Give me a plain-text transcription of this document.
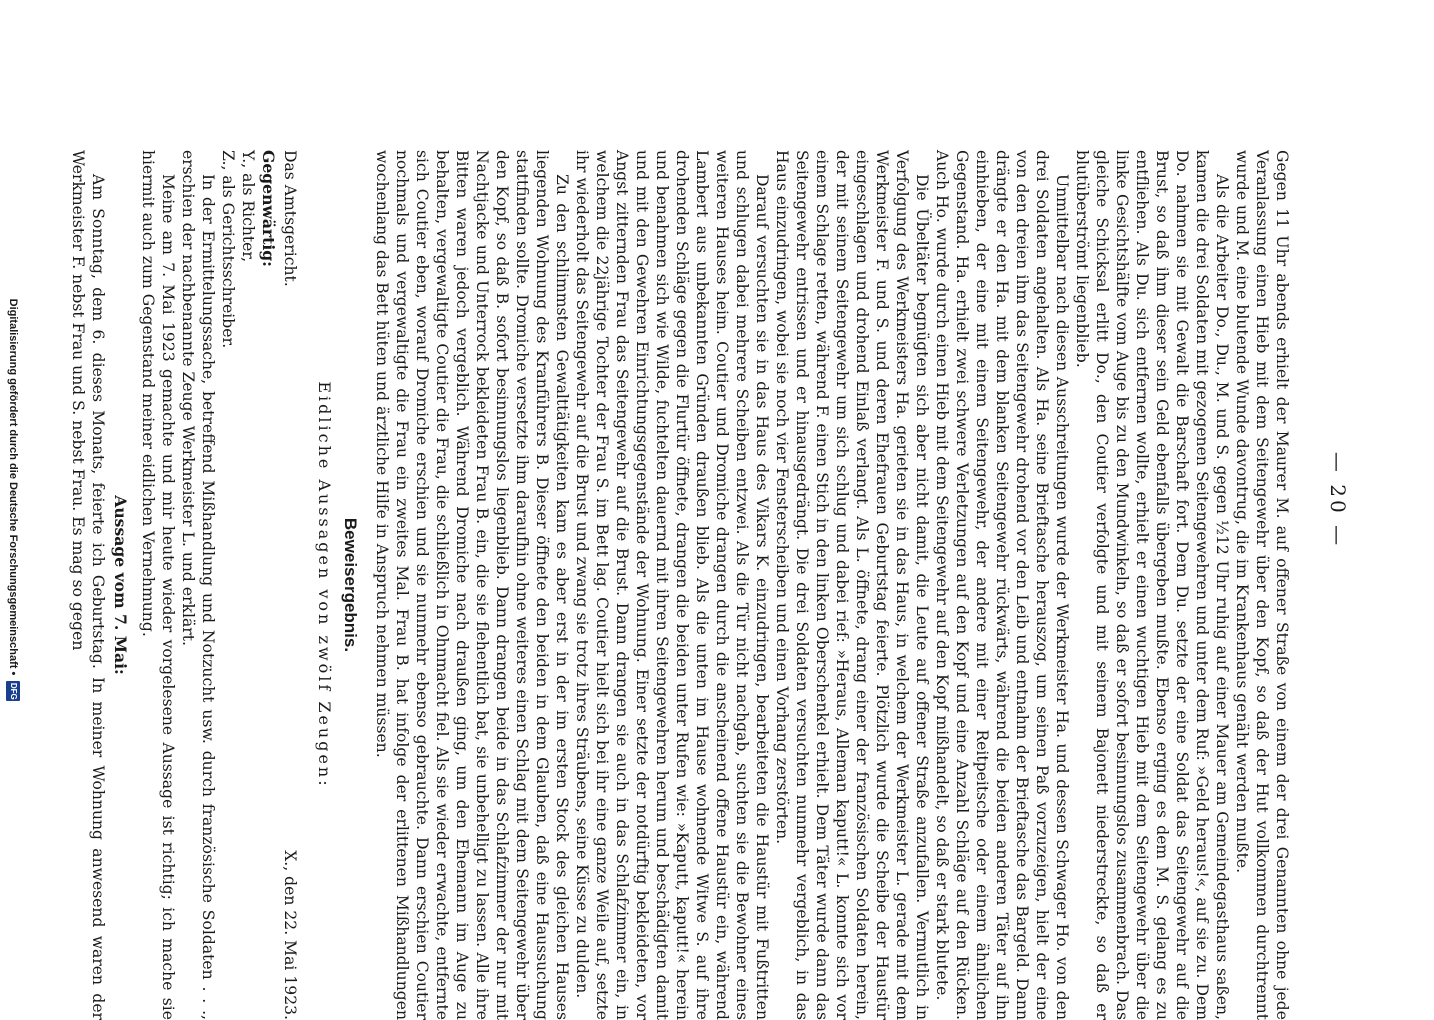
— 20 —

Gegen 11 Uhr abends erhielt der Maurer M. auf offener Straße von einem der drei Genannten ohne jede Veranlassung einen Hieb mit dem Seitengewehr über den Kopf, so daß der Hut vollkommen durchtrennt wurde und M. eine blutende Wunde davontrug, die im Krankenhaus genäht werden mußte.

Als die Arbeiter Do., Du., M. und S. gegen ½12 Uhr ruhig auf einer Mauer am Gemeindegasthaus saßen, kamen die drei Soldaten mit gezogenen Seitengewehren und unter dem Ruf: »Geld heraus!«, auf sie zu. Dem Do. nahmen sie mit Gewalt die Barschaft fort. Dem Du. setzte der eine Soldat das Seitengewehr auf die Brust, so daß ihm dieser sein Geld ebenfalls übergeben mußte. Ebenso erging es dem M. S. gelang es zu entfliehen. Als Du. sich entfernen wollte, erhielt er einen wuchtigen Hieb mit dem Seitengewehr über die linke Gesichtshälfte vom Auge bis zu den Mundwinkeln, so daß er sofort besinnungslos zusammenbrach. Das gleiche Schicksal erlitt Do., den Coutier verfolgte und mit seinem Bajonett niederstreckte, so daß er blutüberströmt liegenblieb.

Unmittelbar nach diesen Ausschreitungen wurde der Werkmeister Ha. und dessen Schwager Ho. von den drei Soldaten angehalten. Als Ha. seine Brieftasche herauszog, um seinen Paß vorzuzeigen, hielt der eine von den dreien ihm das Seitengewehr drohend vor den Leib und entnahm der Brieftasche das Bargeld. Dann drängte er den Ha. mit dem blanken Seitengewehr rückwärts, während die beiden anderen Täter auf ihn einhieben, der eine mit einem Seitengewehr, der andere mit einer Reitpeitsche oder einem ähnlichen Gegenstand. Ha. erhielt zwei schwere Verletzungen auf den Kopf und eine Anzahl Schläge auf den Rücken. Auch Ho. wurde durch einen Hieb mit dem Seitengewehr auf den Kopf mißhandelt, so daß er stark blutete.

Die Übeltäter begnügten sich aber nicht damit, die Leute auf offener Straße anzufallen. Vermutlich in Verfolgung des Werkmeisters Ha. gerieten sie in das Haus, in welchem der Werkmeister L. gerade mit dem Werkmeister F. und S. und deren Ehefrauen Geburtstag feierte. Plötzlich wurde die Scheibe der Haustür eingeschlagen und drohend Einlaß verlangt. Als L. öffnete, drang einer der französischen Soldaten herein, der mit seinem Seitengewehr um sich schlug und dabei rief: »Heraus, Alleman kaputt!« L. konnte sich vor einem Schlage retten, während F. einen Stich in den linken Oberschenkel erhielt. Dem Täter wurde dann das Seitengewehr entrissen und er hinausgedrängt. Die drei Soldaten versuchten nunmehr vergeblich, in das Haus einzudringen, wobei sie noch vier Fensterscheiben und einen Vorhang zerstörten.

Darauf versuchten sie in das Haus des Vikars K. einzudringen, bearbeiteten die Haustür mit Fußtritten und schlugen dabei mehrere Scheiben entzwei. Als die Tür nicht nachgab, suchten sie die Bewohner eines weiteren Hauses heim. Coutier und Dromiche drangen durch die anscheinend offene Haustür ein, während Lambert aus unbekannten Gründen draußen blieb. Als die unten im Hause wohnende Witwe S. auf ihre drohenden Schläge gegen die Flurtür öffnete, drangen die beiden unter Rufen wie: »Kaputt, kaputt!« herein und benahmen sich wie Wilde, fuchtelten dauernd mit ihren Seitengewehren herum und beschädigten damit und mit den Gewehren Einrichtungsgegenstände der Wohnung. Einer setzte der notdürftig bekleideten, vor Angst zitternden Frau das Seitengewehr auf die Brust. Dann drangen sie auch in das Schlafzimmer ein, in welchem die 22jährige Tochter der Frau S. im Bett lag. Coutier hielt sich bei ihr eine ganze Weile auf, setzte ihr wiederholt das Seitengewehr auf die Brust und zwang sie trotz ihres Sträubens, seine Küsse zu dulden.

Zu den schlimmsten Gewalttätigkeiten kam es aber erst in der im ersten Stock des gleichen Hauses liegenden Wohnung des Kranführers B. Dieser öffnete den beiden in dem Glauben, daß eine Haussuchung stattfinden sollte. Dromiche versetzte ihm daraufhin ohne weiteres einen Schlag mit dem Seitengewehr über den Kopf, so daß B. sofort besinnungslos liegenblieb. Dann drangen beide in das Schlafzimmer der nur mit Nachtjacke und Unterrock bekleideten Frau B. ein, die sie flehentlich bat, sie unbehelligt zu lassen. Alle ihre Bitten waren jedoch vergeblich. Während Dromiche nach draußen ging, um den Ehemann im Auge zu behalten, vergewaltigte Coutier die Frau, die schließlich in Ohnmacht fiel. Als sie wieder erwachte, entfernte sich Coutier eben, worauf Dromiche erschien und sie nunmehr ebenso gebrauchte. Dann erschien Coutier nochmals und vergewaltigte die Frau ein zweites Mal. Frau B. hat infolge der erlittenen Mißhandlungen wochenlang das Bett hüten und ärztliche Hilfe in Anspruch nehmen müssen.

Beweisergebnis.
Eidliche Aussagen von zwölf Zeugen:
Das Amtsgericht.
X., den 22. Mai 1923.
Gegenwärtig:
Y., als Richter,
Z., als Gerichtsschreiber.

In der Ermittelungssache, betreffend Mißhandlung und Notzucht usw. durch französische Soldaten . . ., erschien der nachbenannte Zeuge Werkmeister L. und erklärt.

Meine am 7. Mai 1923 gemachte und mir heute wieder vorgelesene Aussage ist richtig; ich mache sie hiermit auch zum Gegenstand meiner eidlichen Vernehmung.

Aussage vom 7. Mai:

Am Sonntag, dem 6. dieses Monats, feierte ich Geburtstag. In meiner Wohnung anwesend waren der Werkmeister F. nebst Frau und S. nebst Frau. Es mag so gegen

Digitalisierung gefördert durch die Deutsche Forschungsgemeinschaft •
DFG
